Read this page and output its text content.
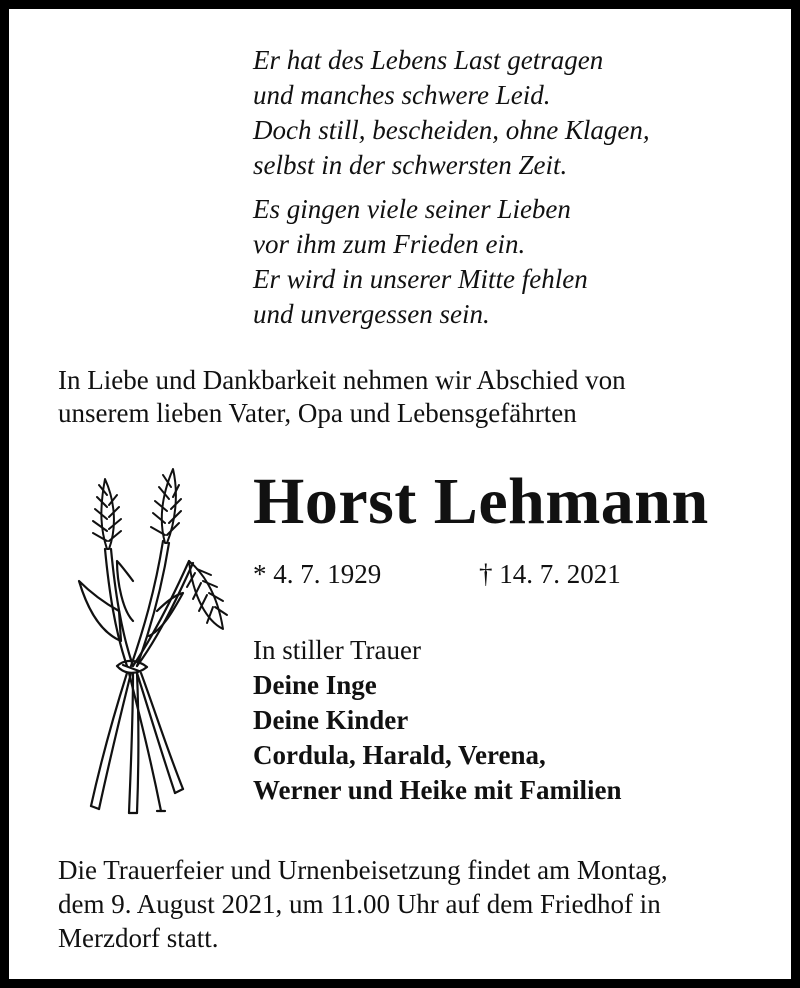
Er hat des Lebens Last getragen
und manches schwere Leid.
Doch still, bescheiden, ohne Klagen,
selbst in der schwersten Zeit.
Es gingen viele seiner Lieben
vor ihm zum Frieden ein.
Er wird in unserer Mitte fehlen
und unvergessen sein.
In Liebe und Dankbarkeit nehmen wir Abschied von
unserem lieben Vater, Opa und Lebensgefährten
Horst Lehmann
* 4. 7. 1929	† 14. 7. 2021
In stiller Trauer
Deine Inge
Deine Kinder
Cordula, Harald, Verena,
Werner und Heike mit Familien
Die Trauerfeier und Urnenbeisetzung findet am Montag,
dem 9. August 2021, um 11.00 Uhr auf dem Friedhof in
Merzdorf statt.
